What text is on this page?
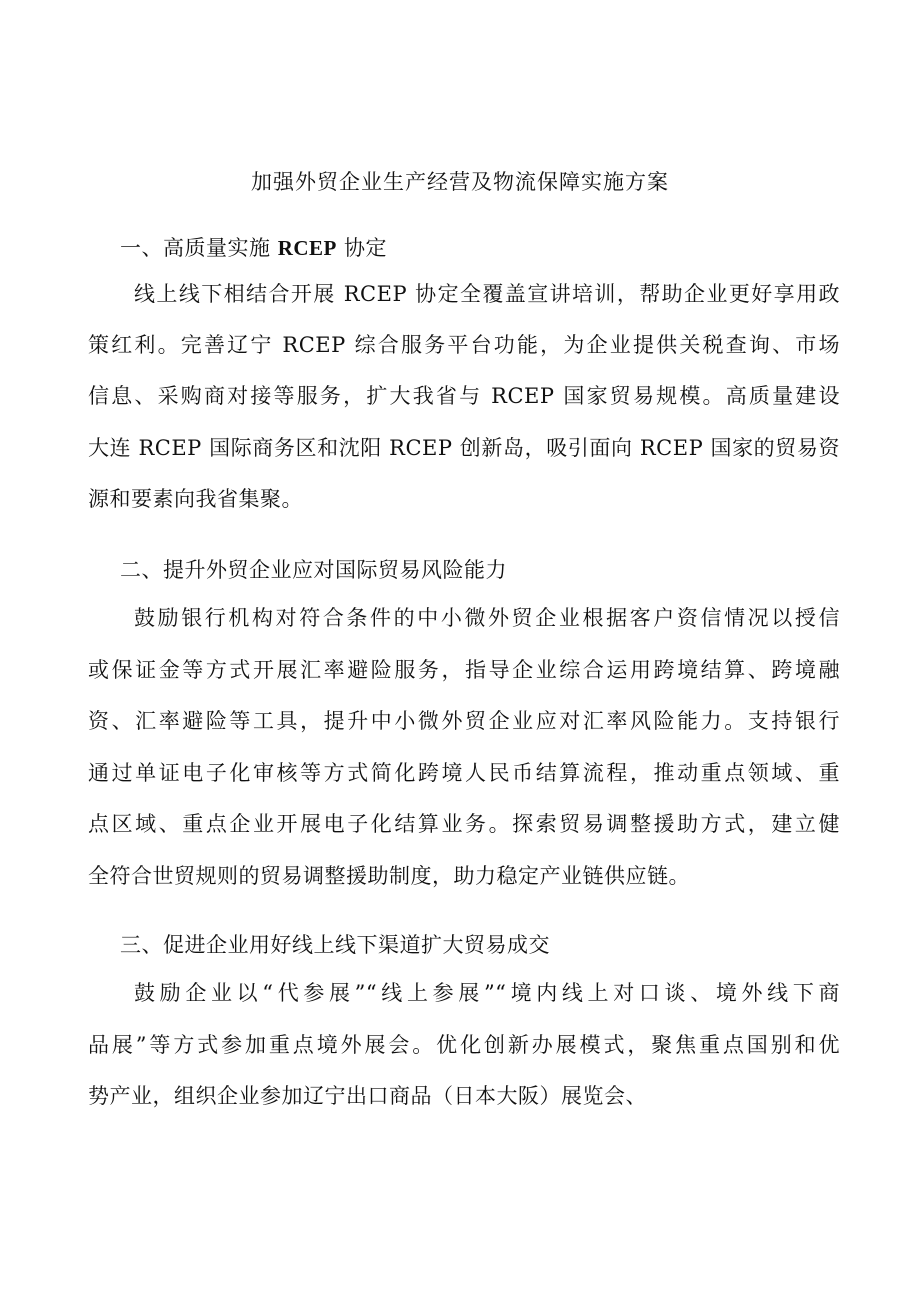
加强外贸企业生产经营及物流保障实施方案
一、高质量实施 RCEP 协定
线上线下相结合开展 RCEP 协定全覆盖宣讲培训，帮助企业更好享用政
策红利。完善辽宁 RCEP 综合服务平台功能，为企业提供关税查询、市场
信息、采购商对接等服务，扩大我省与 RCEP 国家贸易规模。高质量建设
大连 RCEP 国际商务区和沈阳 RCEP 创新岛，吸引面向 RCEP 国家的贸易资
源和要素向我省集聚。
二、提升外贸企业应对国际贸易风险能力
鼓励银行机构对符合条件的中小微外贸企业根据客户资信情况以授信
或保证金等方式开展汇率避险服务，指导企业综合运用跨境结算、跨境融
资、汇率避险等工具，提升中小微外贸企业应对汇率风险能力。支持银行
通过单证电子化审核等方式简化跨境人民币结算流程，推动重点领域、重
点区域、重点企业开展电子化结算业务。探索贸易调整援助方式，建立健
全符合世贸规则的贸易调整援助制度，助力稳定产业链供应链。
三、促进企业用好线上线下渠道扩大贸易成交
鼓励企业以“代参展”“线上参展”“境内线上对口谈、境外线下商
品展”等方式参加重点境外展会。优化创新办展模式，聚焦重点国别和优
势产业，组织企业参加辽宁出口商品（日本大阪）展览会、
